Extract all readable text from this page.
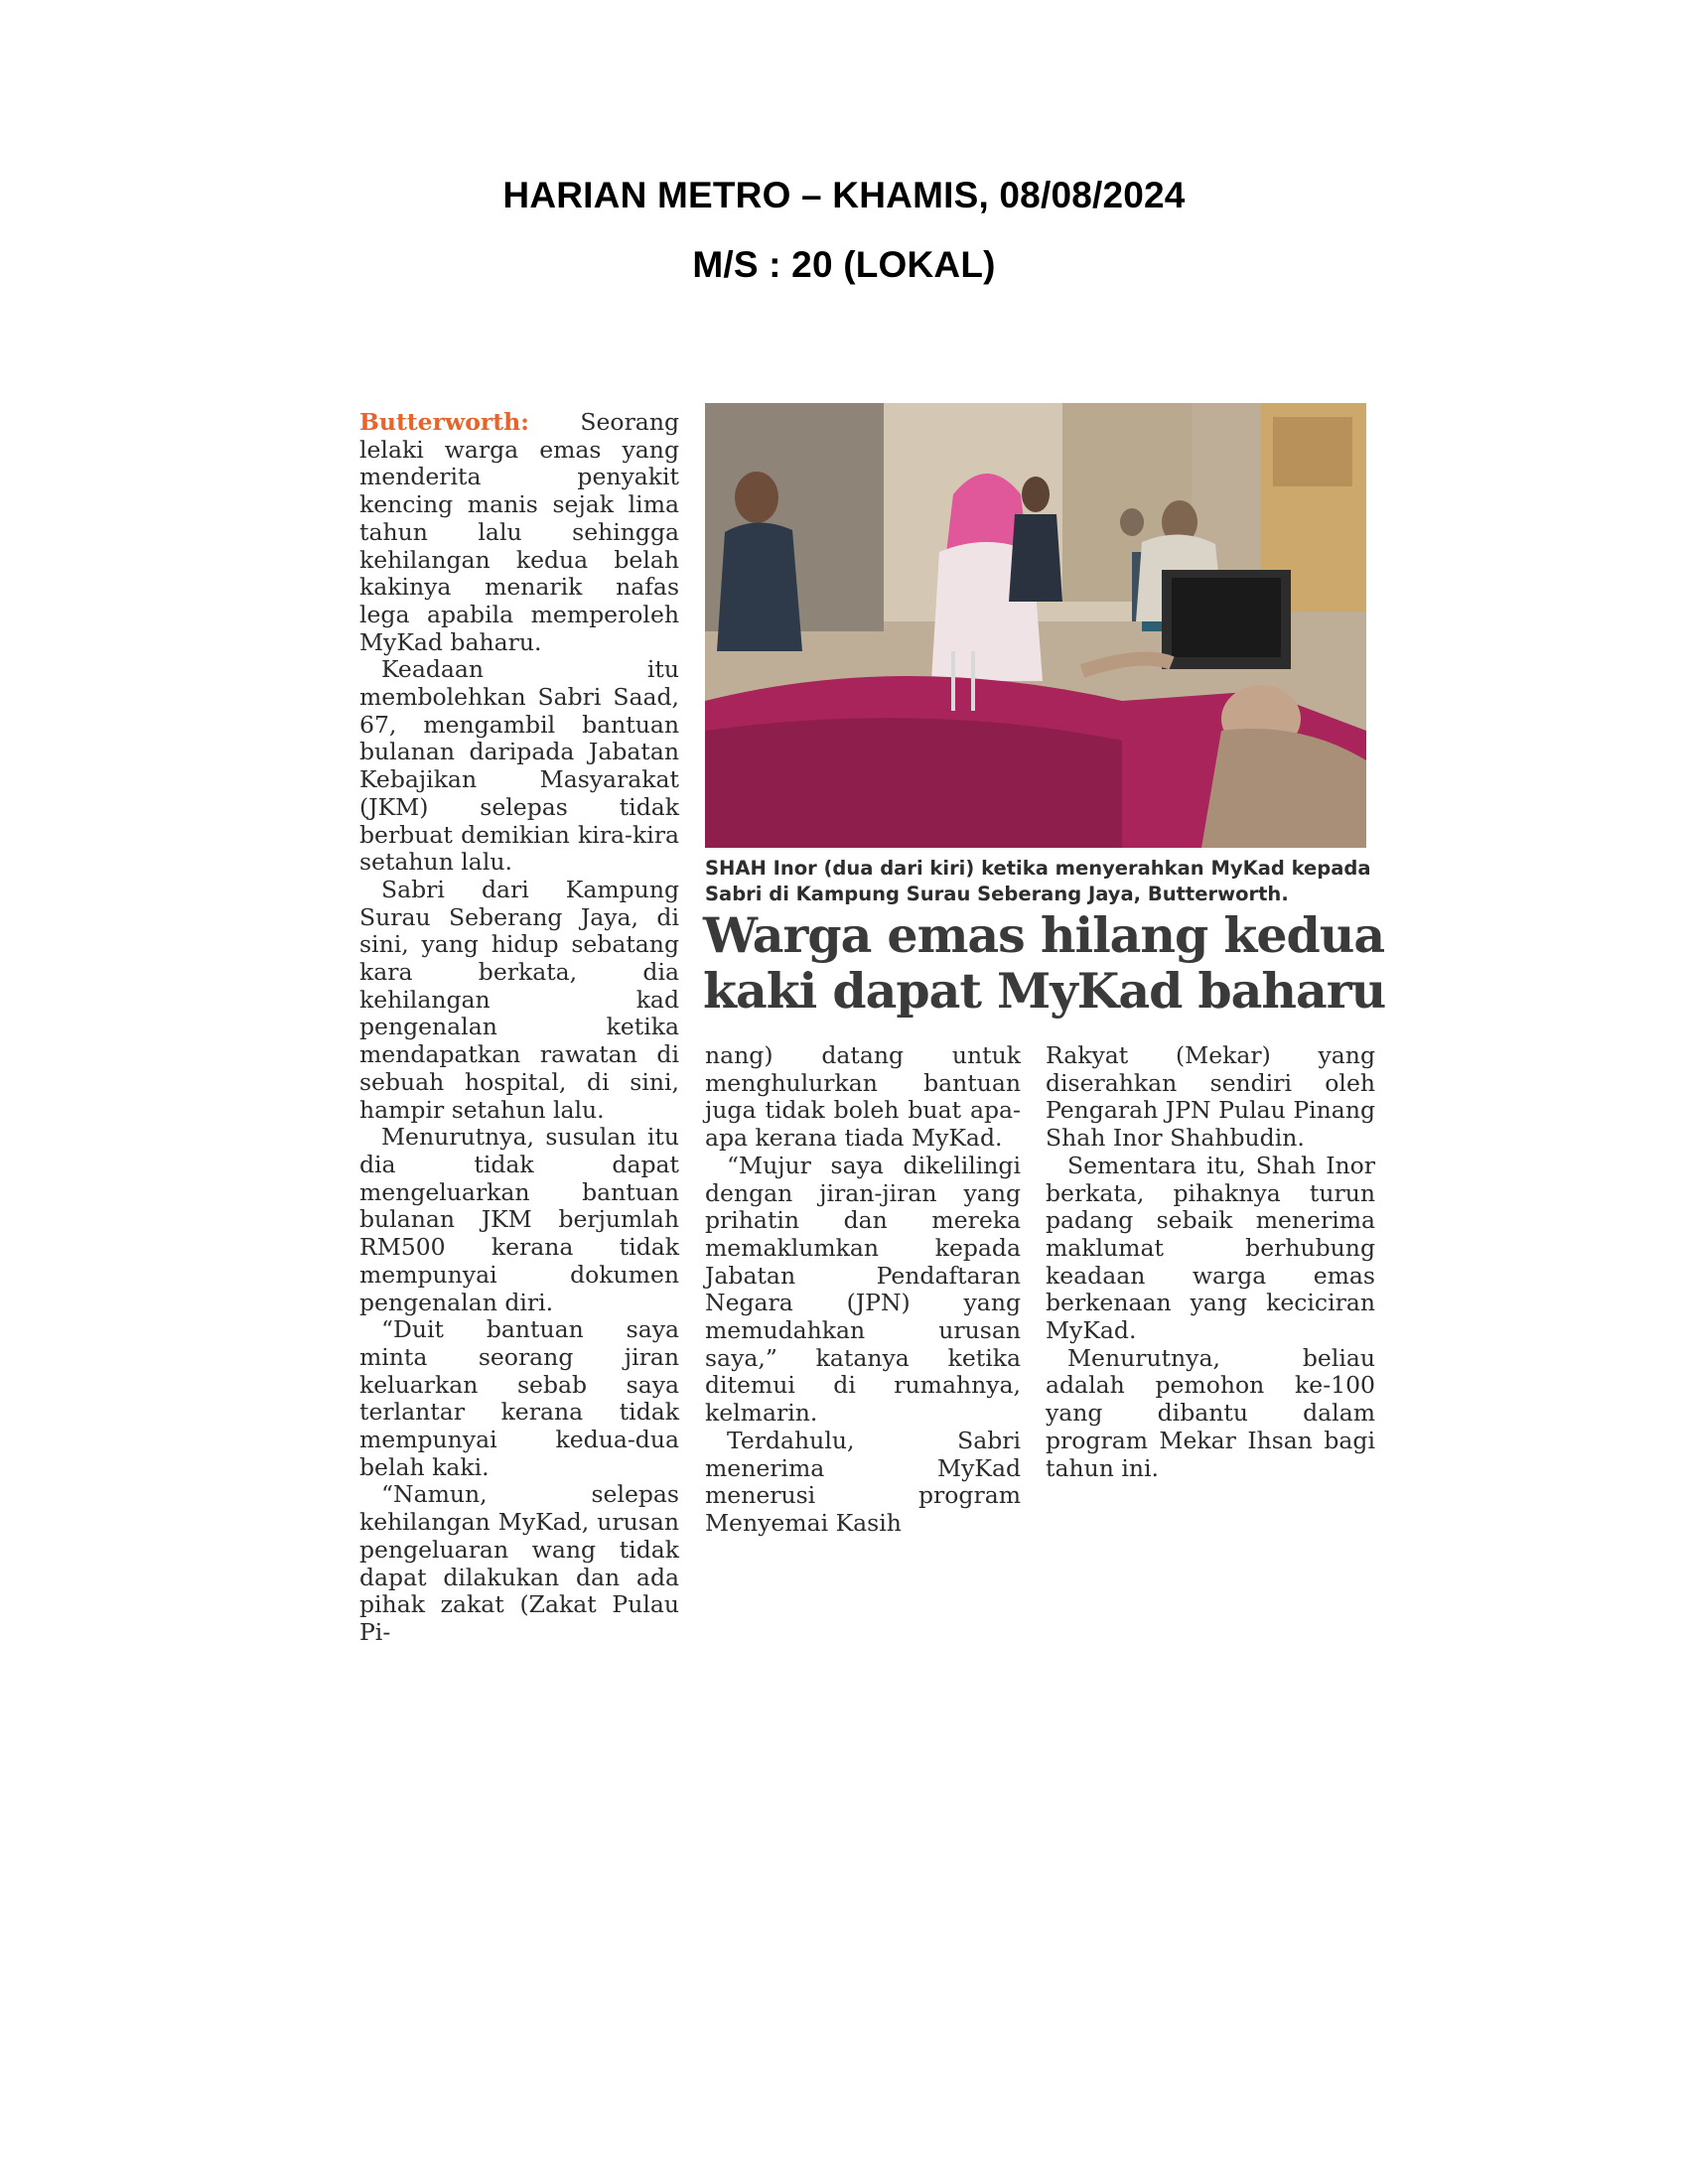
HARIAN METRO – KHAMIS, 08/08/2024
M/S : 20 (LOKAL)

Butterworth: Seorang lelaki warga emas yang menderita penyakit kencing manis sejak lima tahun lalu sehingga kehilangan kedua belah kakinya menarik nafas lega apabila memperoleh MyKad baharu.

Keadaan itu membolehkan Sabri Saad, 67, mengambil bantuan bulanan daripada Jabatan Kebajikan Masyarakat (JKM) selepas tidak berbuat demikian kira-kira setahun lalu.

Sabri dari Kampung Surau Seberang Jaya, di sini, yang hidup sebatang kara berkata, dia kehilangan kad pengenalan ketika mendapatkan rawatan di sebuah hospital, di sini, hampir setahun lalu.

Menurutnya, susulan itu dia tidak dapat mengeluarkan bantuan bulanan JKM berjumlah RM500 kerana tidak mempunyai dokumen pengenalan diri.

“Duit bantuan saya minta seorang jiran keluarkan sebab saya terlantar kerana tidak mempunyai kedua-dua belah kaki.

“Namun, selepas kehilangan MyKad, urusan pengeluaran wang tidak dapat dilakukan dan ada pihak zakat (Zakat Pulau Pi-

SHAH Inor (dua dari kiri) ketika menyerahkan MyKad kepada Sabri di Kampung Surau Seberang Jaya, Butterworth.
Warga emas hilang kedua
kaki dapat MyKad baharu

nang) datang untuk menghulurkan bantuan juga tidak boleh buat apa-apa kerana tiada MyKad.

“Mujur saya dikelilingi dengan jiran-jiran yang prihatin dan mereka memaklumkan kepada Jabatan Pendaftaran Negara (JPN) yang memudahkan urusan saya,” katanya ketika ditemui di rumahnya, kelmarin.

Terdahulu, Sabri menerima MyKad menerusi program Menyemai Kasih

Rakyat (Mekar) yang diserahkan sendiri oleh Pengarah JPN Pulau Pinang Shah Inor Shahbudin.

Sementara itu, Shah Inor berkata, pihaknya turun padang sebaik menerima maklumat berhubung keadaan warga emas berkenaan yang keciciran MyKad.

Menurutnya, beliau adalah pemohon ke-100 yang dibantu dalam program Mekar Ihsan bagi tahun ini.
